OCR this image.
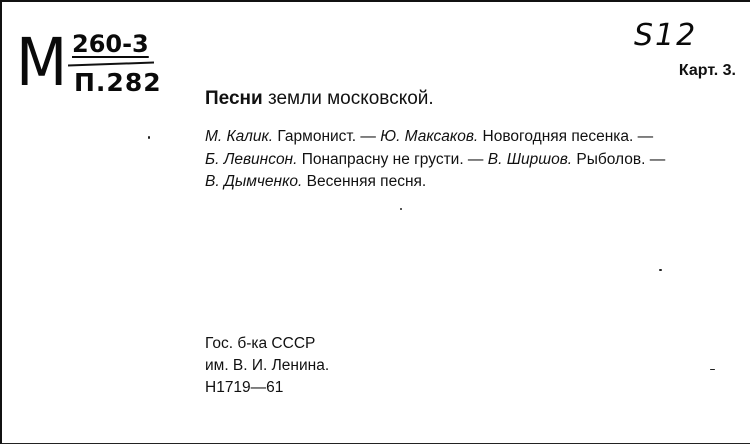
М 260-3
П.282
S12
Карт. 3.
Песни земли московской.
М. Калик. Гармонист. — Ю. Максаков. Новогодняя песенка. —
Б. Левинсон. Понапрасну не грусти. — В. Ширшов. Рыболов. —
В. Дымченко. Весенняя песня.
Гос. б-ка СССР
им. В. И. Ленина.
Н1719—61
